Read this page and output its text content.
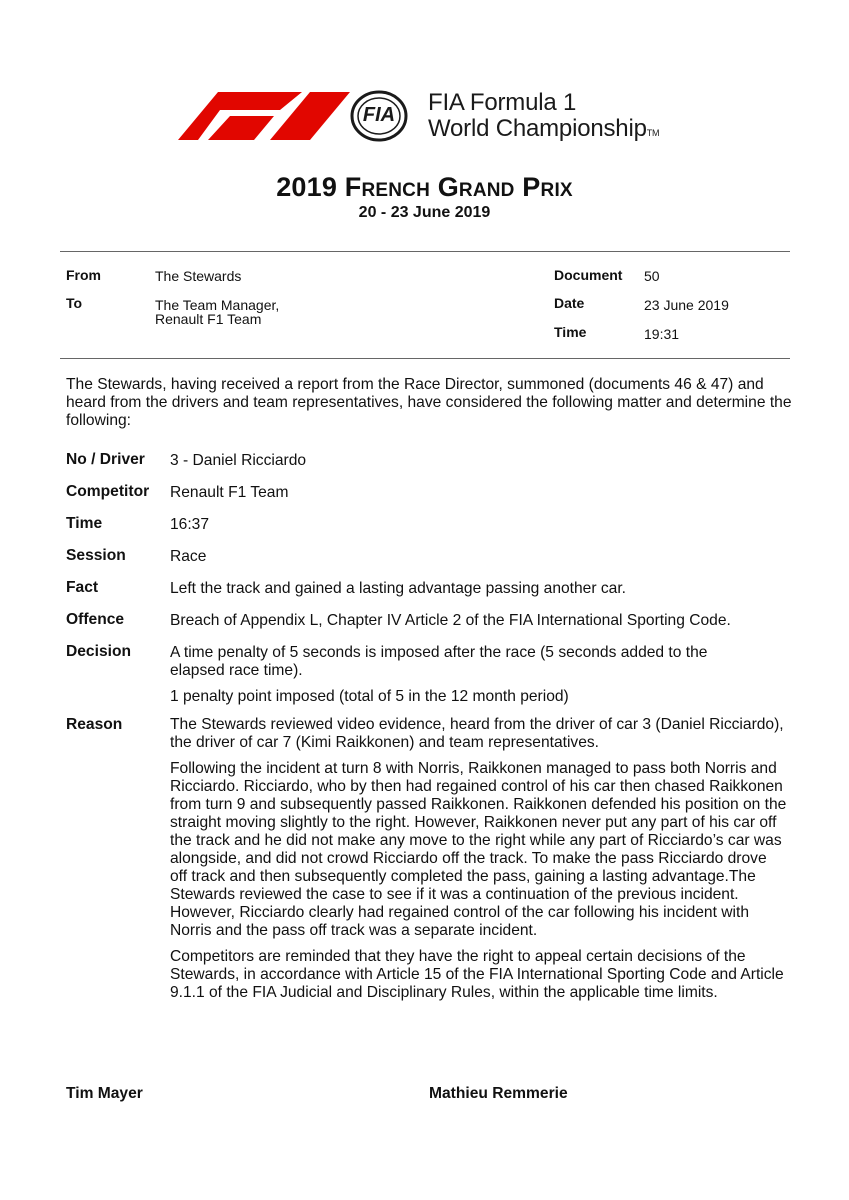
FIA	FIA Formula 1
World ChampionshipTM
2019 French Grand Prix
20 - 23 June 2019
From	The Stewards
To	The Team Manager,
Renault F1 Team
Document 50
Date	23 June 2019
Time	19:31
The Stewards, having received a report from the Race Director, summoned (documents 46 & 47) and heard from the drivers and team representatives, have considered the following matter and determine the following:
No / Driver 3 - Daniel Ricciardo
Competitor Renault F1 Team
Time	16:37
Session	Race
Fact	Left the track and gained a lasting advantage passing another car.
Offence	Breach of Appendix L, Chapter IV Article 2 of the FIA International Sporting Code.
Decision	A time penalty of 5 seconds is imposed after the race (5 seconds added to the elapsed race time).

1 penalty point imposed (total of 5 in the 12 month period)

Reason	The Stewards reviewed video evidence, heard from the driver of car 3 (Daniel Ricciardo), the driver of car 7 (Kimi Raikkonen) and team representatives.

Following the incident at turn 8 with Norris, Raikkonen managed to pass both Norris and Ricciardo. Ricciardo, who by then had regained control of his car then chased Raikkonen from turn 9 and subsequently passed Raikkonen. Raikkonen defended his position on the straight moving slightly to the right. However, Raikkonen never put any part of his car off the track and he did not make any move to the right while any part of Ricciardo’s car was alongside, and did not crowd Ricciardo off the track. To make the pass Ricciardo drove off track and then subsequently completed the pass, gaining a lasting advantage.The Stewards reviewed the case to see if it was a continuation of the previous incident. However, Ricciardo clearly had regained control of the car following his incident with Norris and the pass off track was a separate incident.

Competitors are reminded that they have the right to appeal certain decisions of the Stewards, in accordance with Article 15 of the FIA International Sporting Code and Article 9.1.1 of the FIA Judicial and Disciplinary Rules, within the applicable time limits.

Tim Mayer	Mathieu Remmerie
